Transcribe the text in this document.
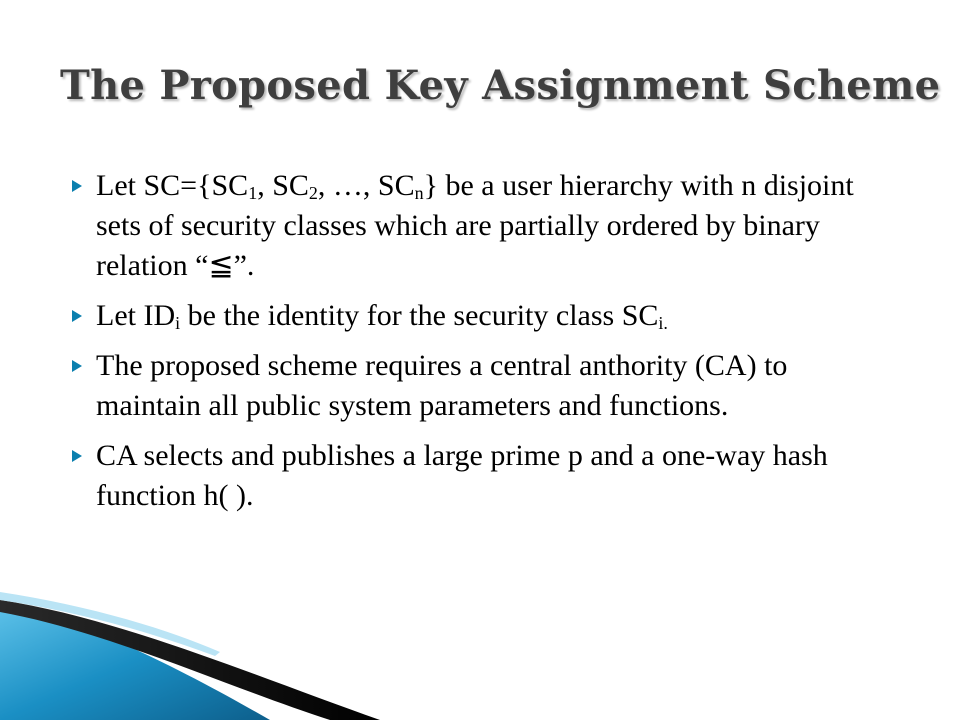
The Proposed Key Assignment Scheme
Let $SC=\{SC_1$, $SC_2$, …, $SC_n$} be a user hierarchy with n disjoint sets of security classes which are partially ordered by binary relation “≦”.
Let $ID_i$ be the identity for the security class $SC_{i.}$
The proposed scheme requires a central anthority (CA) to maintain all public system parameters and functions.
CA selects and publishes a large prime p and a one-way hash function h( ).
